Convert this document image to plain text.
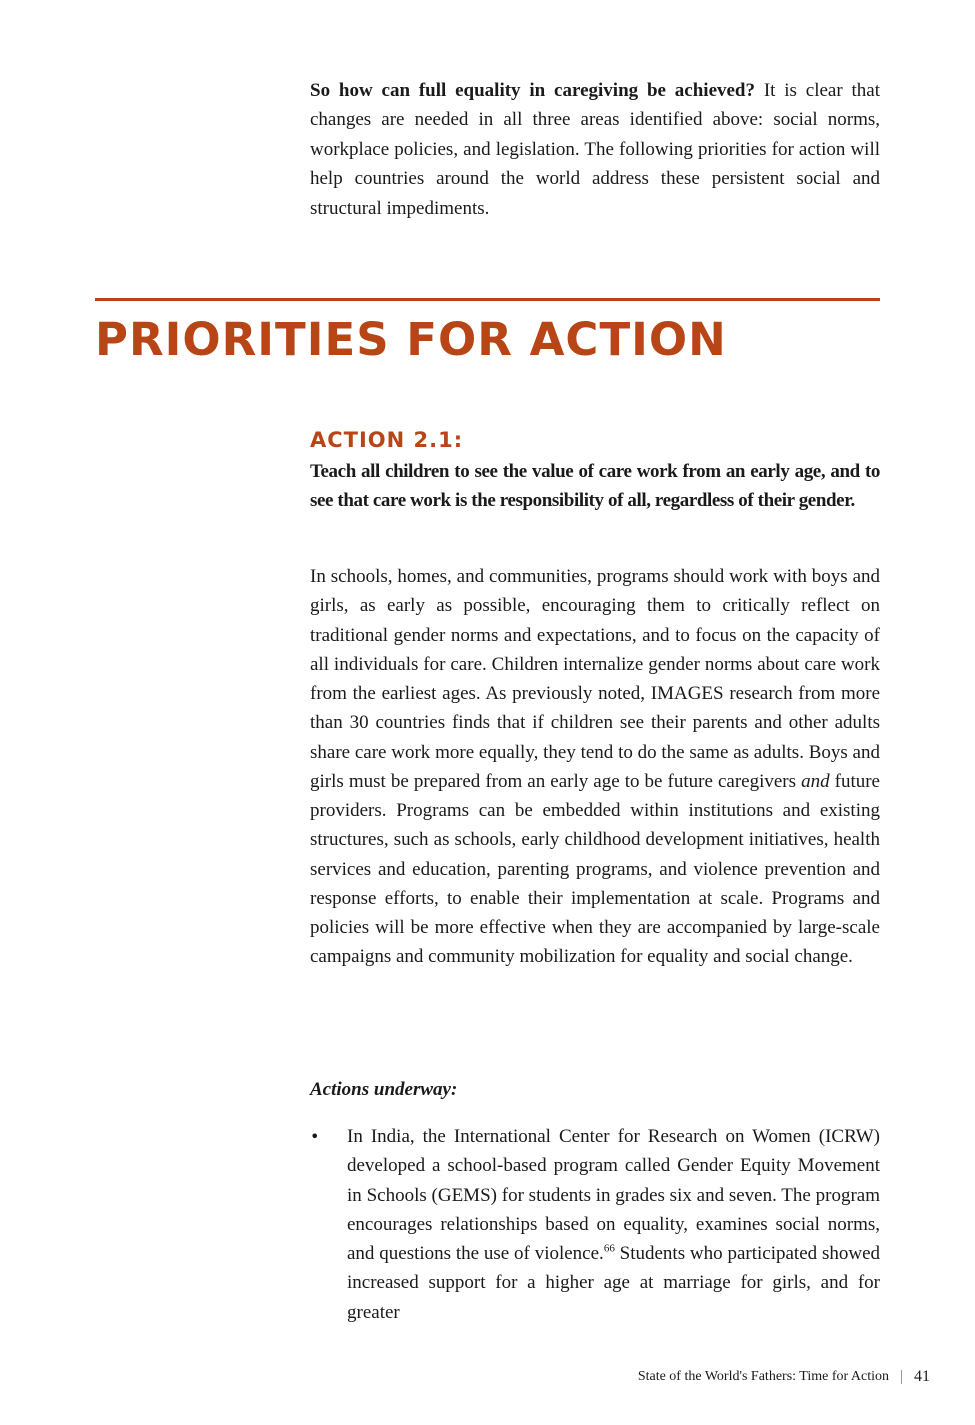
So how can full equality in caregiving be achieved? It is clear that changes are needed in all three areas identified above: social norms, workplace policies, and legislation. The following priorities for action will help countries around the world address these persistent social and structural impediments.

PRIORITIES FOR ACTION
ACTION 2.1:

Teach all children to see the value of care work from an early age, and to see that care work is the responsibility of all, regardless of their gender.

In schools, homes, and communities, programs should work with boys and girls, as early as possible, encouraging them to critically reflect on traditional gender norms and expectations, and to focus on the capacity of all individuals for care. Children internalize gender norms about care work from the earliest ages. As previously noted, IMAGES research from more than 30 countries finds that if children see their parents and other adults share care work more equally, they tend to do the same as adults. Boys and girls must be prepared from an early age to be future caregivers and future providers. Programs can be embedded within institutions and existing structures, such as schools, early childhood development initiatives, health services and education, parenting programs, and violence prevention and response efforts, to enable their implementation at scale. Programs and policies will be more effective when they are accompanied by large-scale campaigns and community mobilization for equality and social change.

Actions underway:

• In India, the International Center for Research on Women (ICRW) developed a school-based program called Gender Equity Movement in Schools (GEMS) for students in grades six and seven. The program encourages relationships based on equality, examines social norms, and questions the use of violence.$^{66}$ Students who participated showed increased support for a higher age at marriage for girls, and for greater

State of the World's Fathers: Time for Action 41
